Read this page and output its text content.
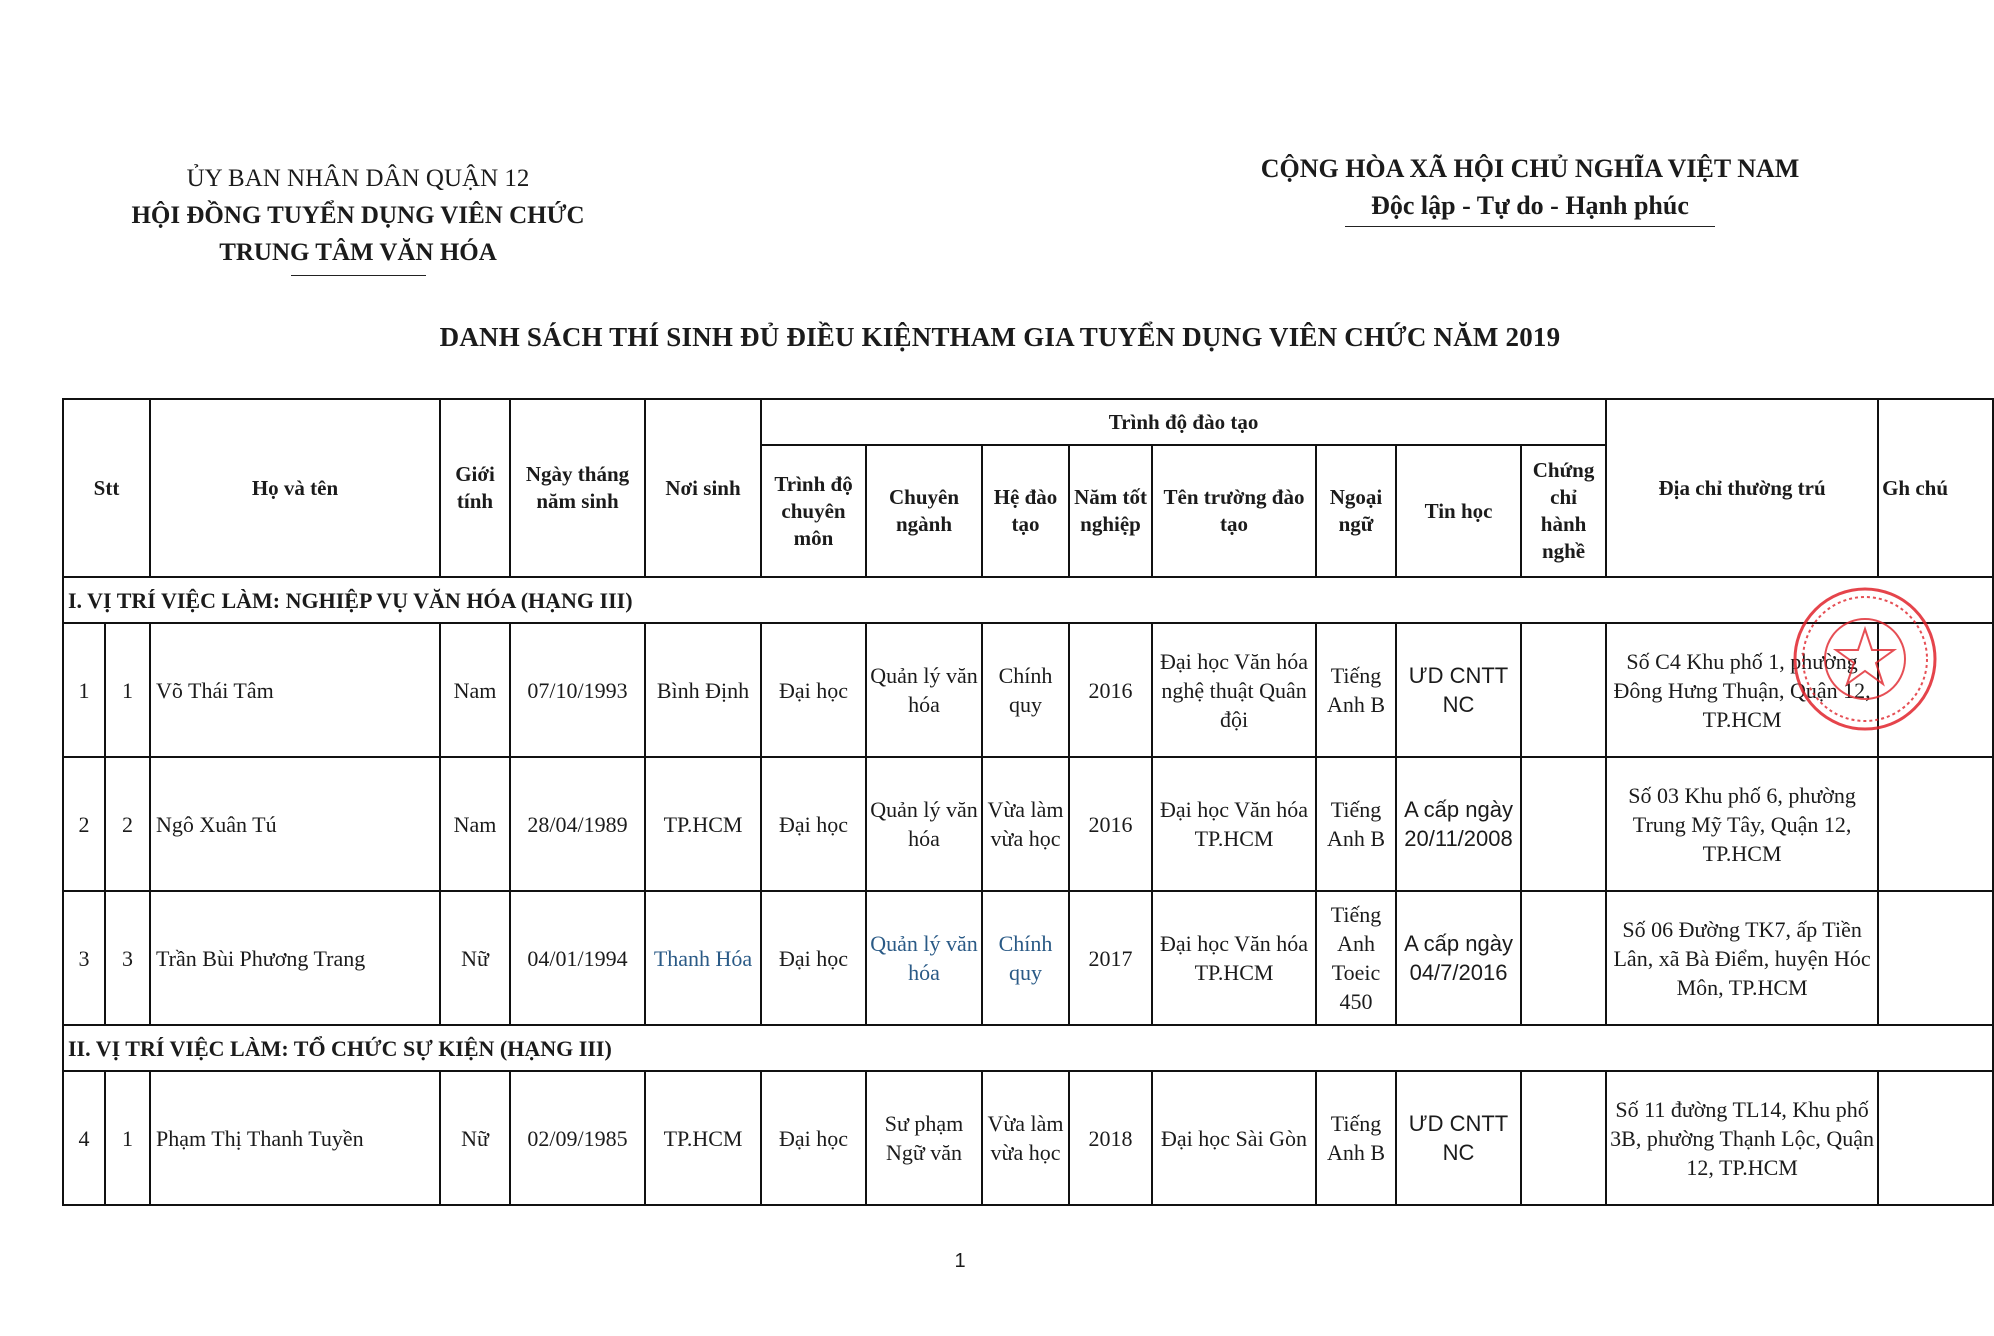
ỦY BAN NHÂN DÂN QUẬN 12
HỘI ĐỒNG TUYỂN DỤNG VIÊN CHỨC
TRUNG TÂM VĂN HÓA
CỘNG HÒA XÃ HỘI CHỦ NGHĨA VIỆT NAM
Độc lập - Tự do - Hạnh phúc
DANH SÁCH THÍ SINH ĐỦ ĐIỀU KIỆNTHAM GIA TUYỂN DỤNG VIÊN CHỨC NĂM 2019
Stt		Họ và tên	Giới tính	Ngày tháng năm sinh	Nơi sinh	Trình độ đào tạo								Địa chỉ thường trú	Gh chú
						Trình độ chuyên môn	Chuyên ngành	Hệ đào tạo	Năm tốt nghiệp	Tên trường đào tạo	Ngoại ngữ	Tin học	Chứng chỉ hành nghề		
I. VỊ TRÍ VIỆC LÀM: NGHIỆP VỤ VĂN HÓA (HẠNG III)															
1	1	Võ Thái Tâm	Nam	07/10/1993	Bình Định	Đại học	Quản lý văn hóa	Chính quy	2016	Đại học Văn hóa nghệ thuật Quân đội	Tiếng Anh B	ƯD CNTT NC		Số C4 Khu phố 1, phường Đông Hưng Thuận, Quận 12, TP.HCM	
2	2	Ngô Xuân Tú	Nam	28/04/1989	TP.HCM	Đại học	Quản lý văn hóa	Vừa làm vừa học	2016	Đại học Văn hóa TP.HCM	Tiếng Anh B	A cấp ngày 20/11/2008		Số 03 Khu phố 6, phường Trung Mỹ Tây, Quận 12, TP.HCM	
3	3	Trần Bùi Phương Trang	Nữ	04/01/1994	Thanh Hóa	Đại học	Quản lý văn hóa	Chính quy	2017	Đại học Văn hóa TP.HCM	Tiếng Anh Toeic 450	A cấp ngày 04/7/2016		Số 06 Đường TK7, ấp Tiền Lân, xã Bà Điểm, huyện Hóc Môn, TP.HCM	
II. VỊ TRÍ VIỆC LÀM: TỔ CHỨC SỰ KIỆN (HẠNG III)															
4	1	Phạm Thị Thanh Tuyền	Nữ	02/09/1985	TP.HCM	Đại học	Sư phạm Ngữ văn	Vừa làm vừa học	2018	Đại học Sài Gòn	Tiếng Anh B	ƯD CNTT NC		Số 11 đường TL14, Khu phố 3B, phường Thạnh Lộc, Quận 12, TP.HCM	
1
